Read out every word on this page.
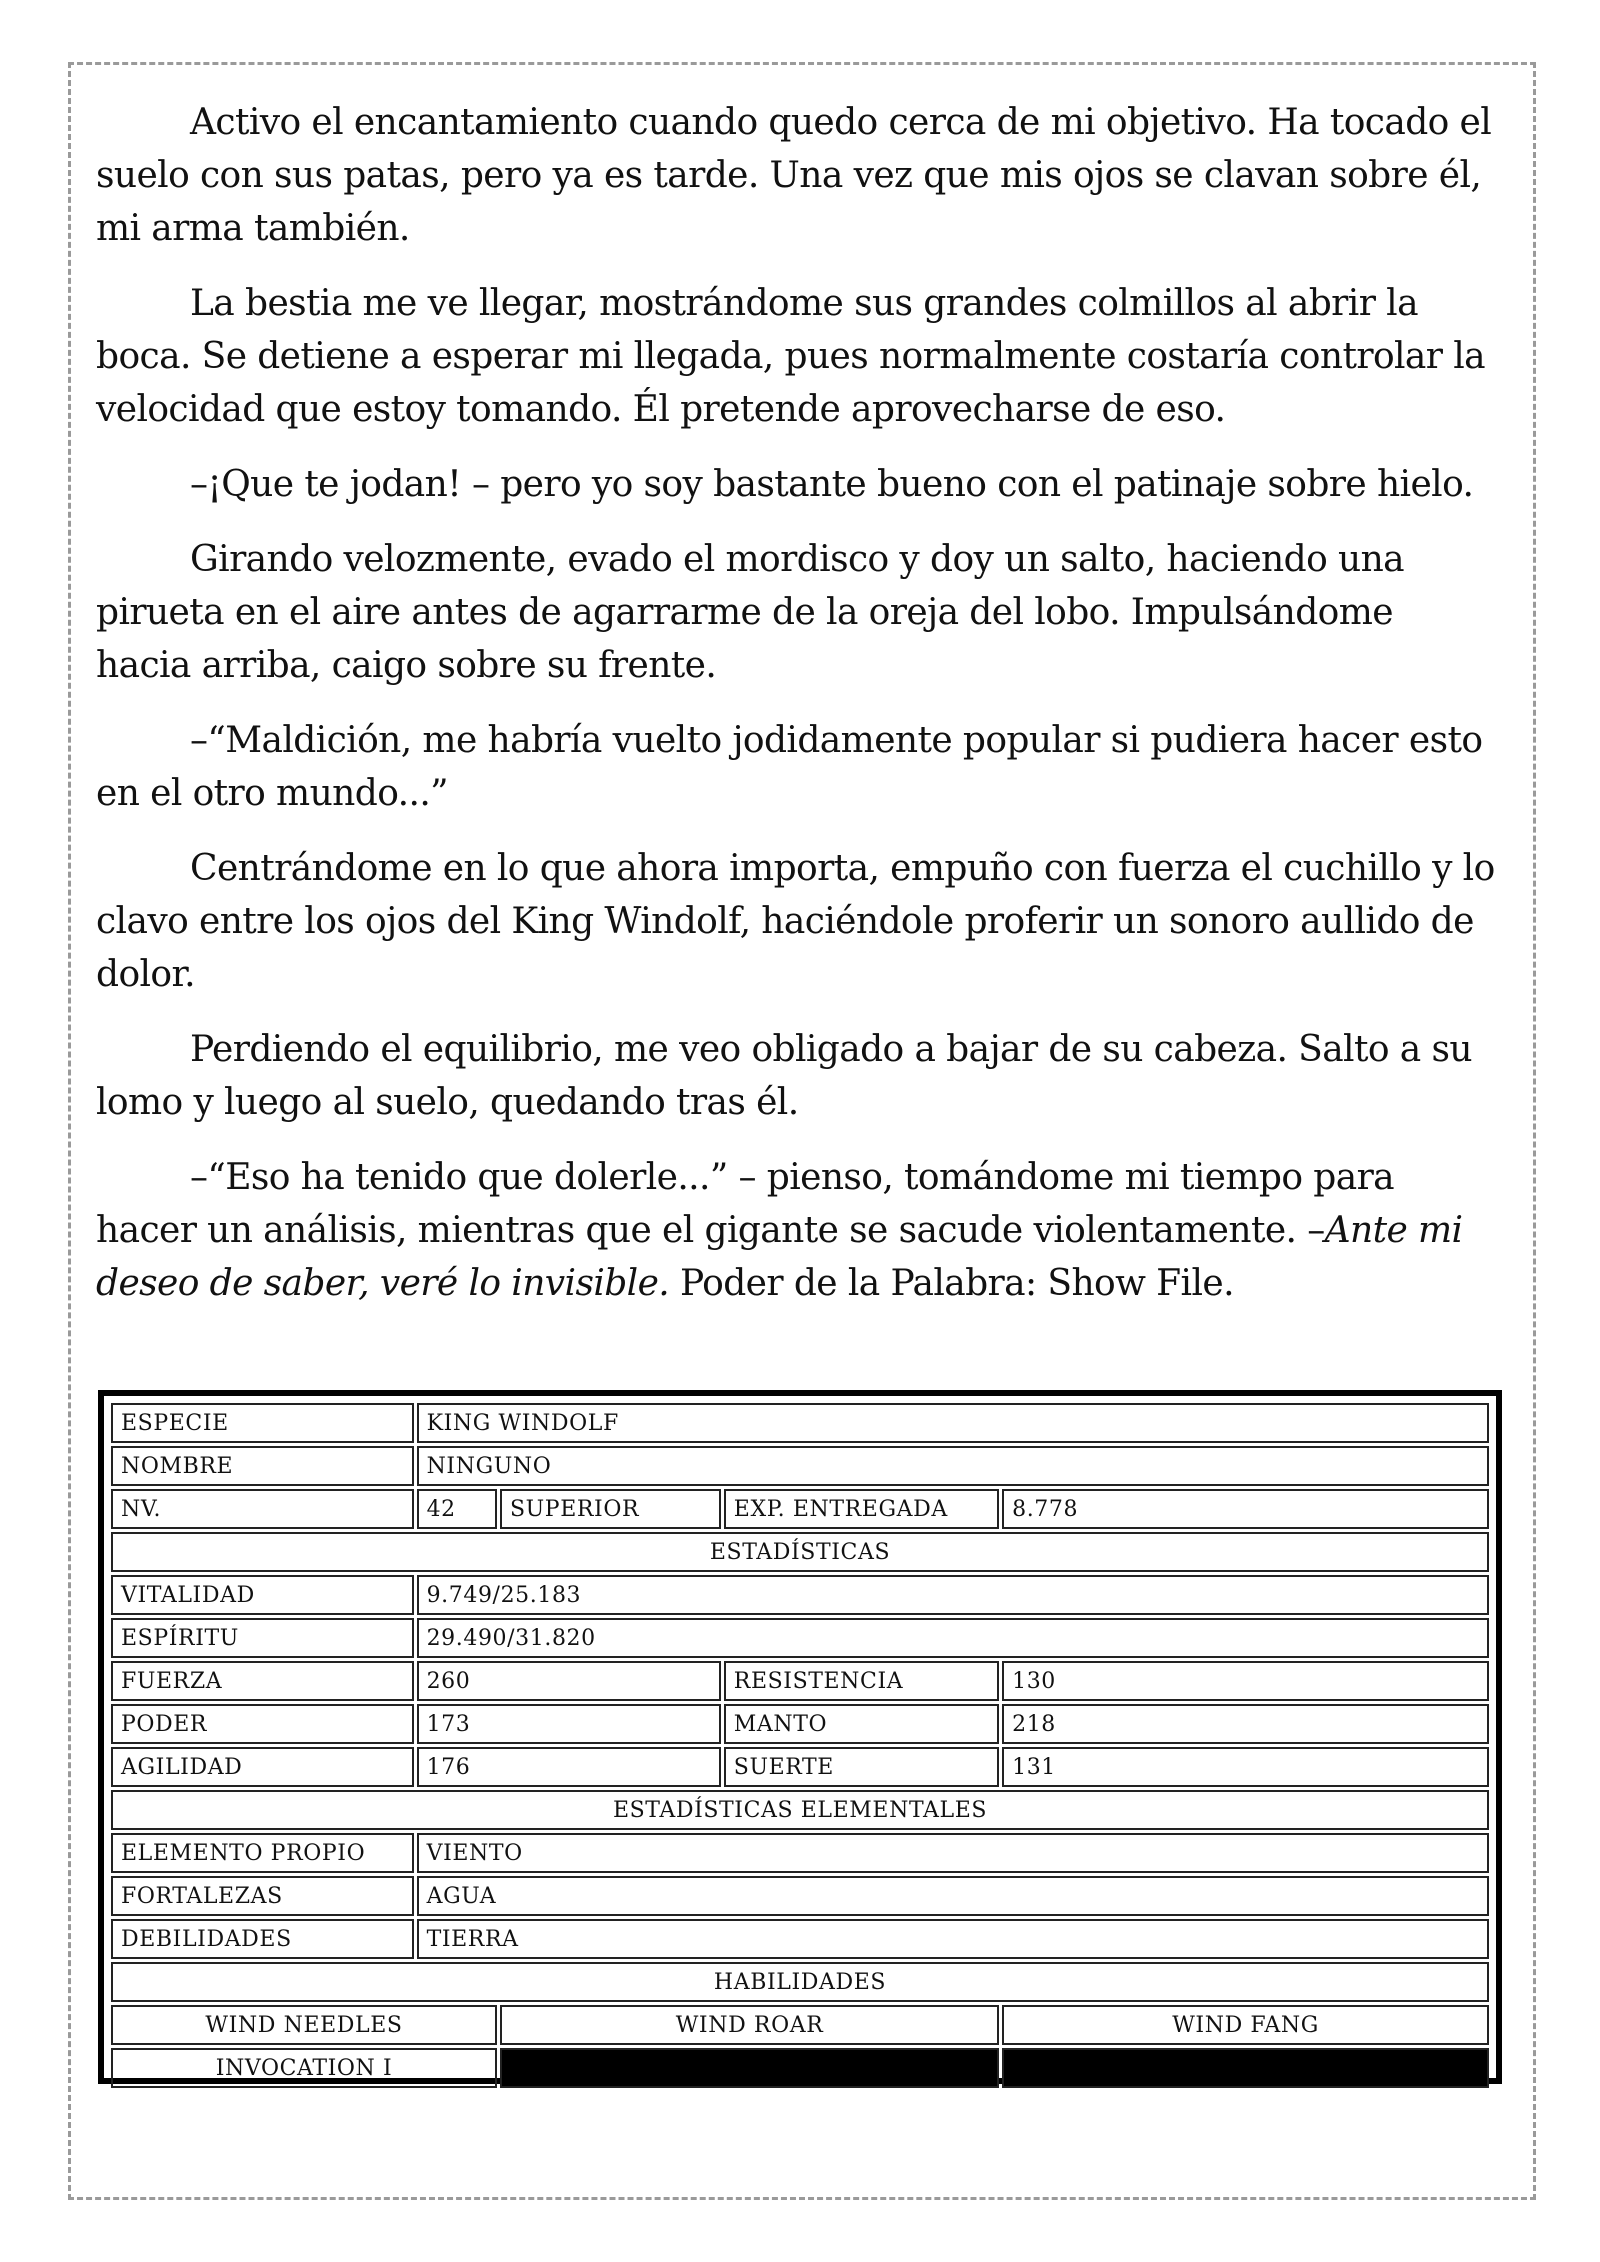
Activo el encantamiento cuando quedo cerca de mi objetivo. Ha tocado el suelo con sus patas, pero ya es tarde. Una vez que mis ojos se clavan sobre él, mi arma también.

La bestia me ve llegar, mostrándome sus grandes colmillos al abrir la boca. Se detiene a esperar mi llegada, pues normalmente costaría controlar la velocidad que estoy tomando. Él pretende aprovecharse de eso.

–¡Que te jodan! – pero yo soy bastante bueno con el patinaje sobre hielo.

Girando velozmente, evado el mordisco y doy un salto, haciendo una pirueta en el aire antes de agarrarme de la oreja del lobo. Impulsándome hacia arriba, caigo sobre su frente.

–“Maldición, me habría vuelto jodidamente popular si pudiera hacer esto en el otro mundo...”

Centrándome en lo que ahora importa, empuño con fuerza el cuchillo y lo clavo entre los ojos del King Windolf, haciéndole proferir un sonoro aullido de dolor.

Perdiendo el equilibrio, me veo obligado a bajar de su cabeza. Salto a su lomo y luego al suelo, quedando tras él.

–“Eso ha tenido que dolerle...” – pienso, tomándome mi tiempo para hacer un análisis, mientras que el gigante se sacude violentamente. –Ante mi deseo de saber, veré lo invisible. Poder de la Palabra: Show File.

ESPECIE	KING WINDOLF			
NOMBRE	NINGUNO			
NV.	42	SUPERIOR	EXP. ENTREGADA	8.778
ESTADÍSTICAS				
VITALIDAD	9.749/25.183			
ESPÍRITU	29.490/31.820			
FUERZA	260		RESISTENCIA	130
PODER	173		MANTO	218
AGILIDAD	176		SUERTE	131
ESTADÍSTICAS ELEMENTALES				
ELEMENTO PROPIO	VIENTO			
FORTALEZAS	AGUA			
DEBILIDADES	TIERRA			
HABILIDADES				
WIND NEEDLES		WIND ROAR		WIND FANG
INVOCATION I				
